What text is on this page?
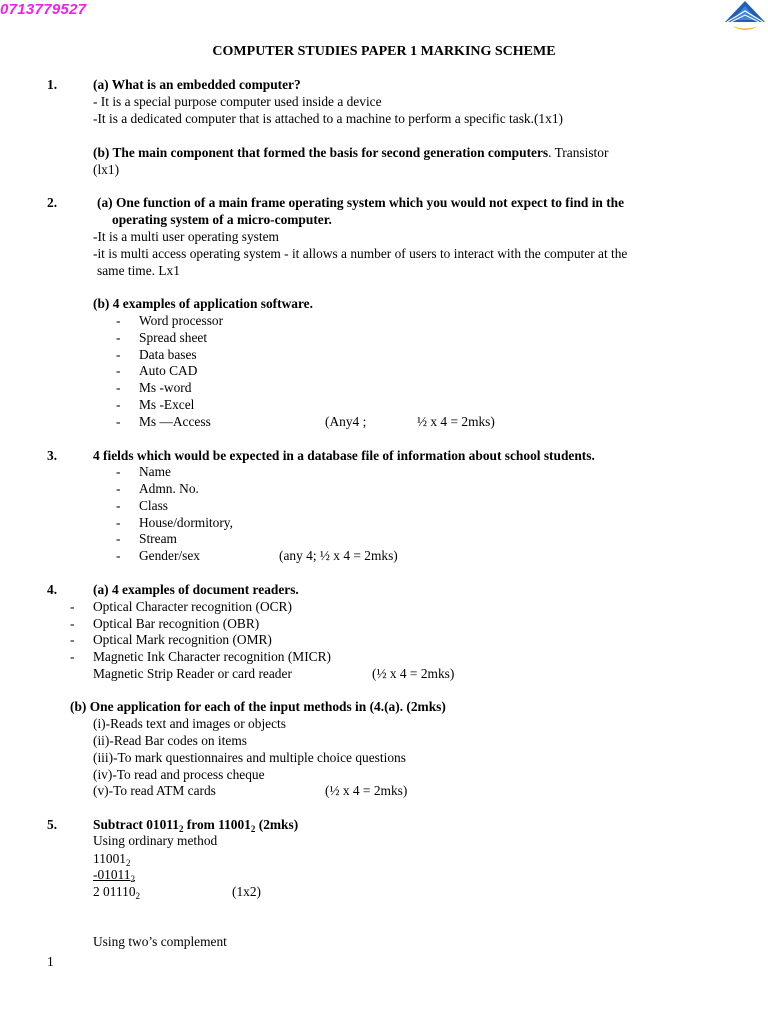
0713779527
COMPUTER STUDIES PAPER 1 MARKING SCHEME
1.	(a) What is an embedded computer?
- It is a special purpose computer used inside a device
-It is a dedicated computer that is attached to a machine to perform a specific task.(1x1)
(b) The main component that formed the basis for second generation computers. Transistor
(lx1)
2.	(a) One function of a main frame operating system which you would not expect to find in the
operating system of a micro-computer.
-It is a multi user operating system
-it is multi access operating system - it allows a number of users to interact with the computer at the
same time. Lx1
(b) 4 examples of application software.
- Word processor
- Spread sheet
- Data bases
- Auto CAD
- Ms -word
- Ms -Excel
- Ms —Access	(Any4 ;	½ x 4 = 2mks)
3.	4 fields which would be expected in a database file of information about school students.
- Name
- Admn. No.
- Class
- House/dormitory,
- Stream
- Gender/sex	(any 4; ½ x 4 = 2mks)
4.	(a) 4 examples of document readers.
- Optical Character recognition (OCR)
- Optical Bar recognition (OBR)
- Optical Mark recognition (OMR)
- Magnetic Ink Character recognition (MICR)
Magnetic Strip Reader or card reader	(½ x 4 = 2mks)
(b) One application for each of the input methods in (4.(a). (2mks)
(i)-Reads text and images or objects
(ii)-Read Bar codes on items
(iii)-To mark questionnaires and multiple choice questions
(iv)-To read and process cheque
(v)-To read ATM cards	(½ x 4 = 2mks)
5.	Subtract $01011_2$ from $11001_2$ (2mks)
Using ordinary method
$11001_2$
$-01011_2$
2 $01110_2$	(1x2)
Using two’s complement
1
